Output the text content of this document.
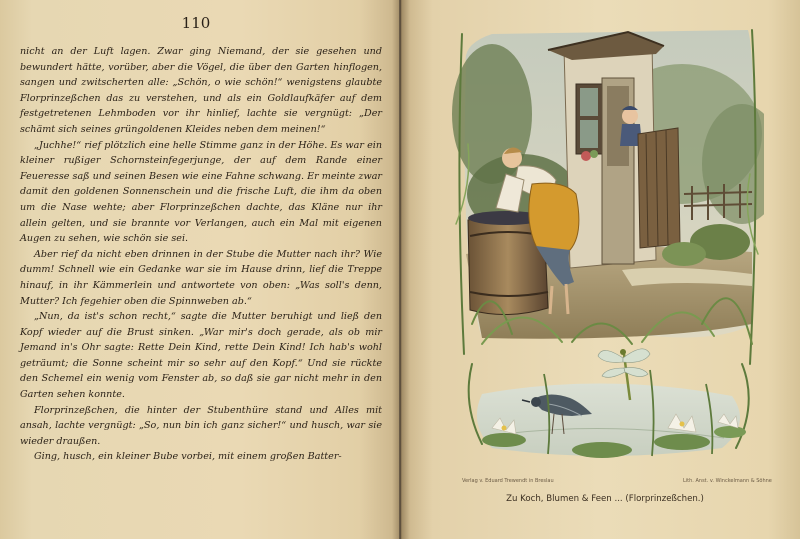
110

nicht an der Luft lagen. Zwar ging Niemand, der sie gesehen und bewundert hätte, vorüber, aber die Vögel, die über den Garten hinflogen, sangen und zwitscherten alle: „Schön, o wie schön!“ wenigstens glaubte Florprinzeßchen das zu verstehen, und als ein Goldlaufkäfer auf dem festgetretenen Lehmboden vor ihr hinlief, lachte sie vergnügt: „Der schämt sich seines grüngoldenen Kleides neben dem meinen!“

„Juchhe!“ rief plötzlich eine helle Stimme ganz in der Höhe. Es war ein kleiner rußiger Schornsteinfegerjunge, der auf dem Rande einer Feueresse saß und seinen Besen wie eine Fahne schwang. Er meinte zwar damit den goldenen Sonnenschein und die frische Luft, die ihm da oben um die Nase wehte; aber Florprinzeßchen dachte, das Kläne nur ihr allein gelten, und sie brannte vor Verlangen, auch ein Mal mit eigenen Augen zu sehen, wie schön sie sei.

Aber rief da nicht eben drinnen in der Stube die Mutter nach ihr? Wie dumm! Schnell wie ein Gedanke war sie im Hause drinn, lief die Treppe hinauf, in ihr Kämmerlein und antwortete von oben: „Was soll's denn, Mutter? Ich fegehier oben die Spinnweben ab.“

„Nun, da ist's schon recht,“ sagte die Mutter beruhigt und ließ den Kopf wieder auf die Brust sinken. „War mir's doch gerade, als ob mir Jemand in's Ohr sagte: Rette Dein Kind, rette Dein Kind! Ich hab's wohl geträumt; die Sonne scheint mir so sehr auf den Kopf.“ Und sie rückte den Schemel ein wenig vom Fenster ab, so daß sie gar nicht mehr in den Garten sehen konnte.

Florprinzeßchen, die hinter der Stubenthüre stand und Alles mit ansah, lachte vergnügt: „So, nun bin ich ganz sicher!“ und husch, war sie wieder draußen.

Ging, husch, ein kleiner Bube vorbei, mit einem großen Batter-

Verlag v. Eduard Trewendt in Breslau	Lith. Anst. v. Winckelmann & Söhne
Zu Koch, Blumen & Feen ... (Florprinzeßchen.)
